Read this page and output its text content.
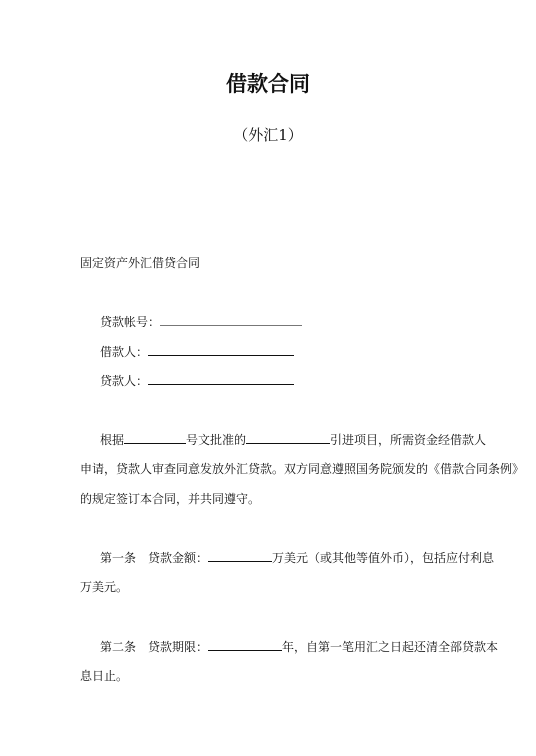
借款合同
（外汇1）
固定资产外汇借贷合同
贷款帐号：
借款人：
贷款人：
根据	号文批准的	引进项目，所需资金经借款人
申请，贷款人审查同意发放外汇贷款。双方同意遵照国务院颁发的《借款合同条例》
的规定签订本合同，并共同遵守。
第一条　贷款金额：	万美元（或其他等值外币），包括应付利息
万美元。
第二条　贷款期限：	年，自第一笔用汇之日起还清全部贷款本
息日止。
